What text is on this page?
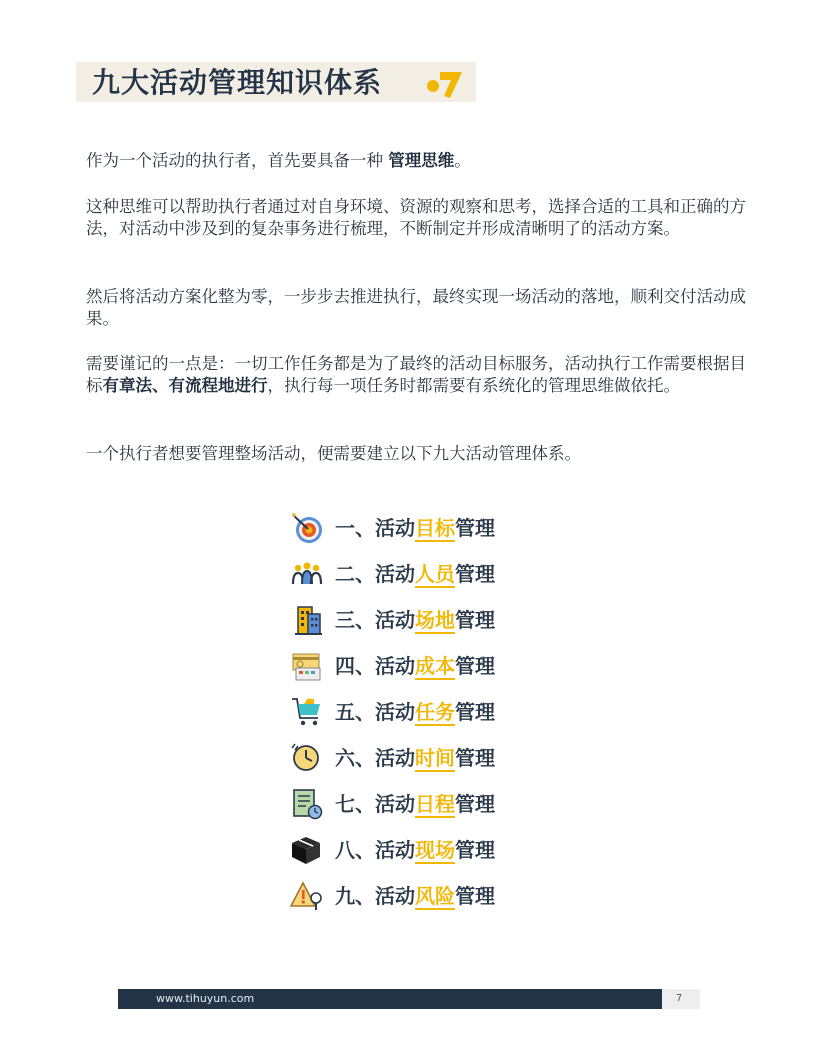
九大活动管理知识体系

作为一个活动的执行者，首先要具备一种 管理思维。

这种思维可以帮助执行者通过对自身环境、资源的观察和思考，选择合适的工具和正确的方法，对活动中涉及到的复杂事务进行梳理，不断制定并形成清晰明了的活动方案。

然后将活动方案化整为零，一步步去推进执行，最终实现一场活动的落地，顺利交付活动成果。

需要谨记的一点是：一切工作任务都是为了最终的活动目标服务，活动执行工作需要根据目标有章法、有流程地进行，执行每一项任务时都需要有系统化的管理思维做依托。

一个执行者想要管理整场活动，便需要建立以下九大活动管理体系。

一、活动目标管理
二、活动人员管理
三、活动场地管理
四、活动成本管理
五、活动任务管理
六、活动时间管理
七、活动日程管理
八、活动现场管理
九、活动风险管理
www.tihuyun.com	7
